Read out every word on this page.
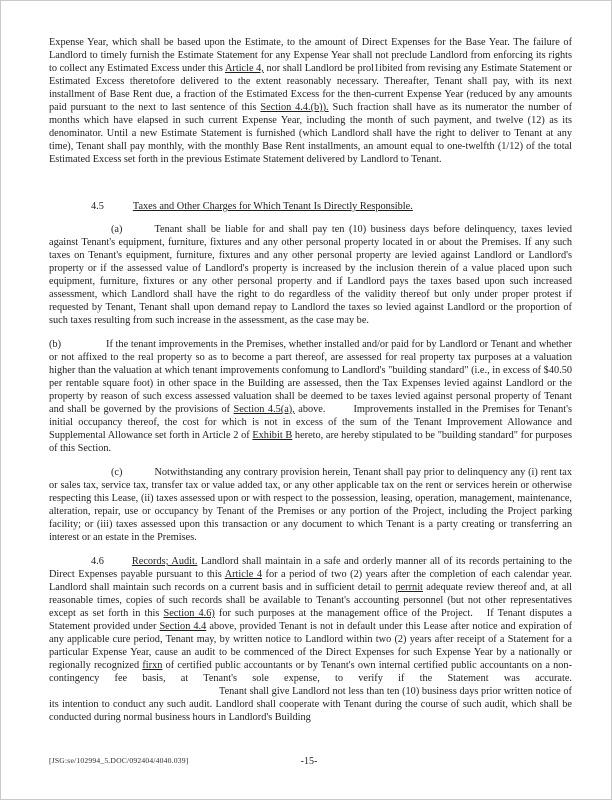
Expense Year, which shall be based upon the Estimate, to the amount of Direct Expenses for the Base Year. The failure of Landlord to timely furnish the Estimate Statement for any Expense Year shall not preclude Landlord from enforcing its rights to collect any Estimated Excess under this Article 4, nor shall Landlord be prol1ibited from revising any Estimate Statement or Estimated Excess theretofore delivered to the extent reasonably necessary. Thereafter, Tenant shall pay, with its next installment of Base Rent due, a fraction of the Estimated Excess for the then-current Expense Year (reduced by any amounts paid pursuant to the next to last sentence of this Section 4.4.(b)). Such fraction shall have as its numerator the number of months which have elapsed in such current Expense Year, including the month of such payment, and twelve (12) as its denominator. Until a new Estimate Statement is furnished (which Landlord shall have the right to deliver to Tenant at any time), Tenant shall pay monthly, with the monthly Base Rent installments, an amount equal to one-twelfth (1/12) of the total Estimated Excess set forth in the previous Estimate Statement delivered by Landlord to Tenant.

4.5	Taxes and Other Charges for Which Tenant Is Directly Responsible.

(a)	Tenant shall be liable for and shall pay ten (10) business days before delinquency, taxes levied against Tenant's equipment, furniture, fixtures and any other personal property located in or about the Premises. If any such taxes on Tenant's equipment, furniture, fixtures and any other personal property are levied against Landlord or Landlord's property or if the assessed value of Landlord's property is increased by the inclusion therein of a value placed upon such equipment, furniture, fixtures or any other personal property and if Landlord pays the taxes based upon such increased assessment, which Landlord shall have the right to do regardless of the validity thereof but only under proper protest if requested by Tenant, Tenant shall upon demand repay to Landlord the taxes so levied against Landlord or the proportion of such taxes resulting from such increase in the assessment, as the case may be.

(b)	If the tenant improvements in the Premises, whether installed and/or paid for by Landlord or Tenant and whether or not affixed to the real property so as to become a part thereof, are assessed for real property tax purposes at a valuation higher than the valuation at which tenant improvements confomung to Landlord's "building standard" (i.e., in excess of $40.50 per rentable square foot) in other space in the Building are assessed, then the Tax Expenses levied against Landlord or the property by reason of such excess assessed valuation shall be deemed to be taxes levied against personal property of Tenant and shall be governed by the provisions of Section 4.5(a), above.	Improvements installed in the Premises for Tenant's initial occupancy thereof, the cost for which is not in excess of the sum of the Tenant Improvement Allowance and Supplemental Allowance set forth in Article 2 of Exhibit B hereto, are hereby stipulated to be "building standard" for purposes of this Section.

(c)	Notwithstanding any contrary provision herein, Tenant shall pay prior to delinquency any (i) rent tax or sales tax, service tax, transfer tax or value added tax, or any other applicable tax on the rent or services herein or otherwise respecting this Lease, (ii) taxes assessed upon or with respect to the possession, leasing, operation, management, maintenance, alteration, repair, use or occupancy by Tenant of the Premises or any portion of the Project, including the Project parking facility; or (iii) taxes assessed upon this transaction or any document to which Tenant is a party creating or transferring an interest or an estate in the Premises.

4.6	Records; Audit. Landlord shall maintain in a safe and orderly manner all of its records pertaining to the Direct Expenses payable pursuant to this Article 4 for a period of two (2) years after the completion of each calendar year. Landlord shall maintain such records on a current basis and in sufficient detail to perrnit adequate review thereof and, at all reasonable times, copies of such records shall be available to Tenant's accounting personnel (but not other representatives except as set forth in this Section 4.6) for such purposes at the management office of the Project. If Tenant disputes a Statement provided under Section 4.4 above, provided Tenant is not in default under this Lease after notice and expiration of any applicable cure period, Tenant may, by written notice to Landlord within two (2) years after receipt of a Statement for a particular Expense Year, cause an audit to be commenced of the Direct Expenses for such Expense Year by a nationally or regionally recognized firxn of certified public accountants or by Tenant's own internal certified public accountants on a non-contingency fee basis, at Tenant's sole expense, to verify if the Statement was accurate.Tenant shall give Landlord not less than ten (10) business days prior written notice of its intention to conduct any such audit. Landlord shall cooperate with Tenant during the course of such audit, which shall be conducted during normal business hours in Landlord's Building

[JSG:se/102994_5.DOC/092404/4040.039]	-15-
